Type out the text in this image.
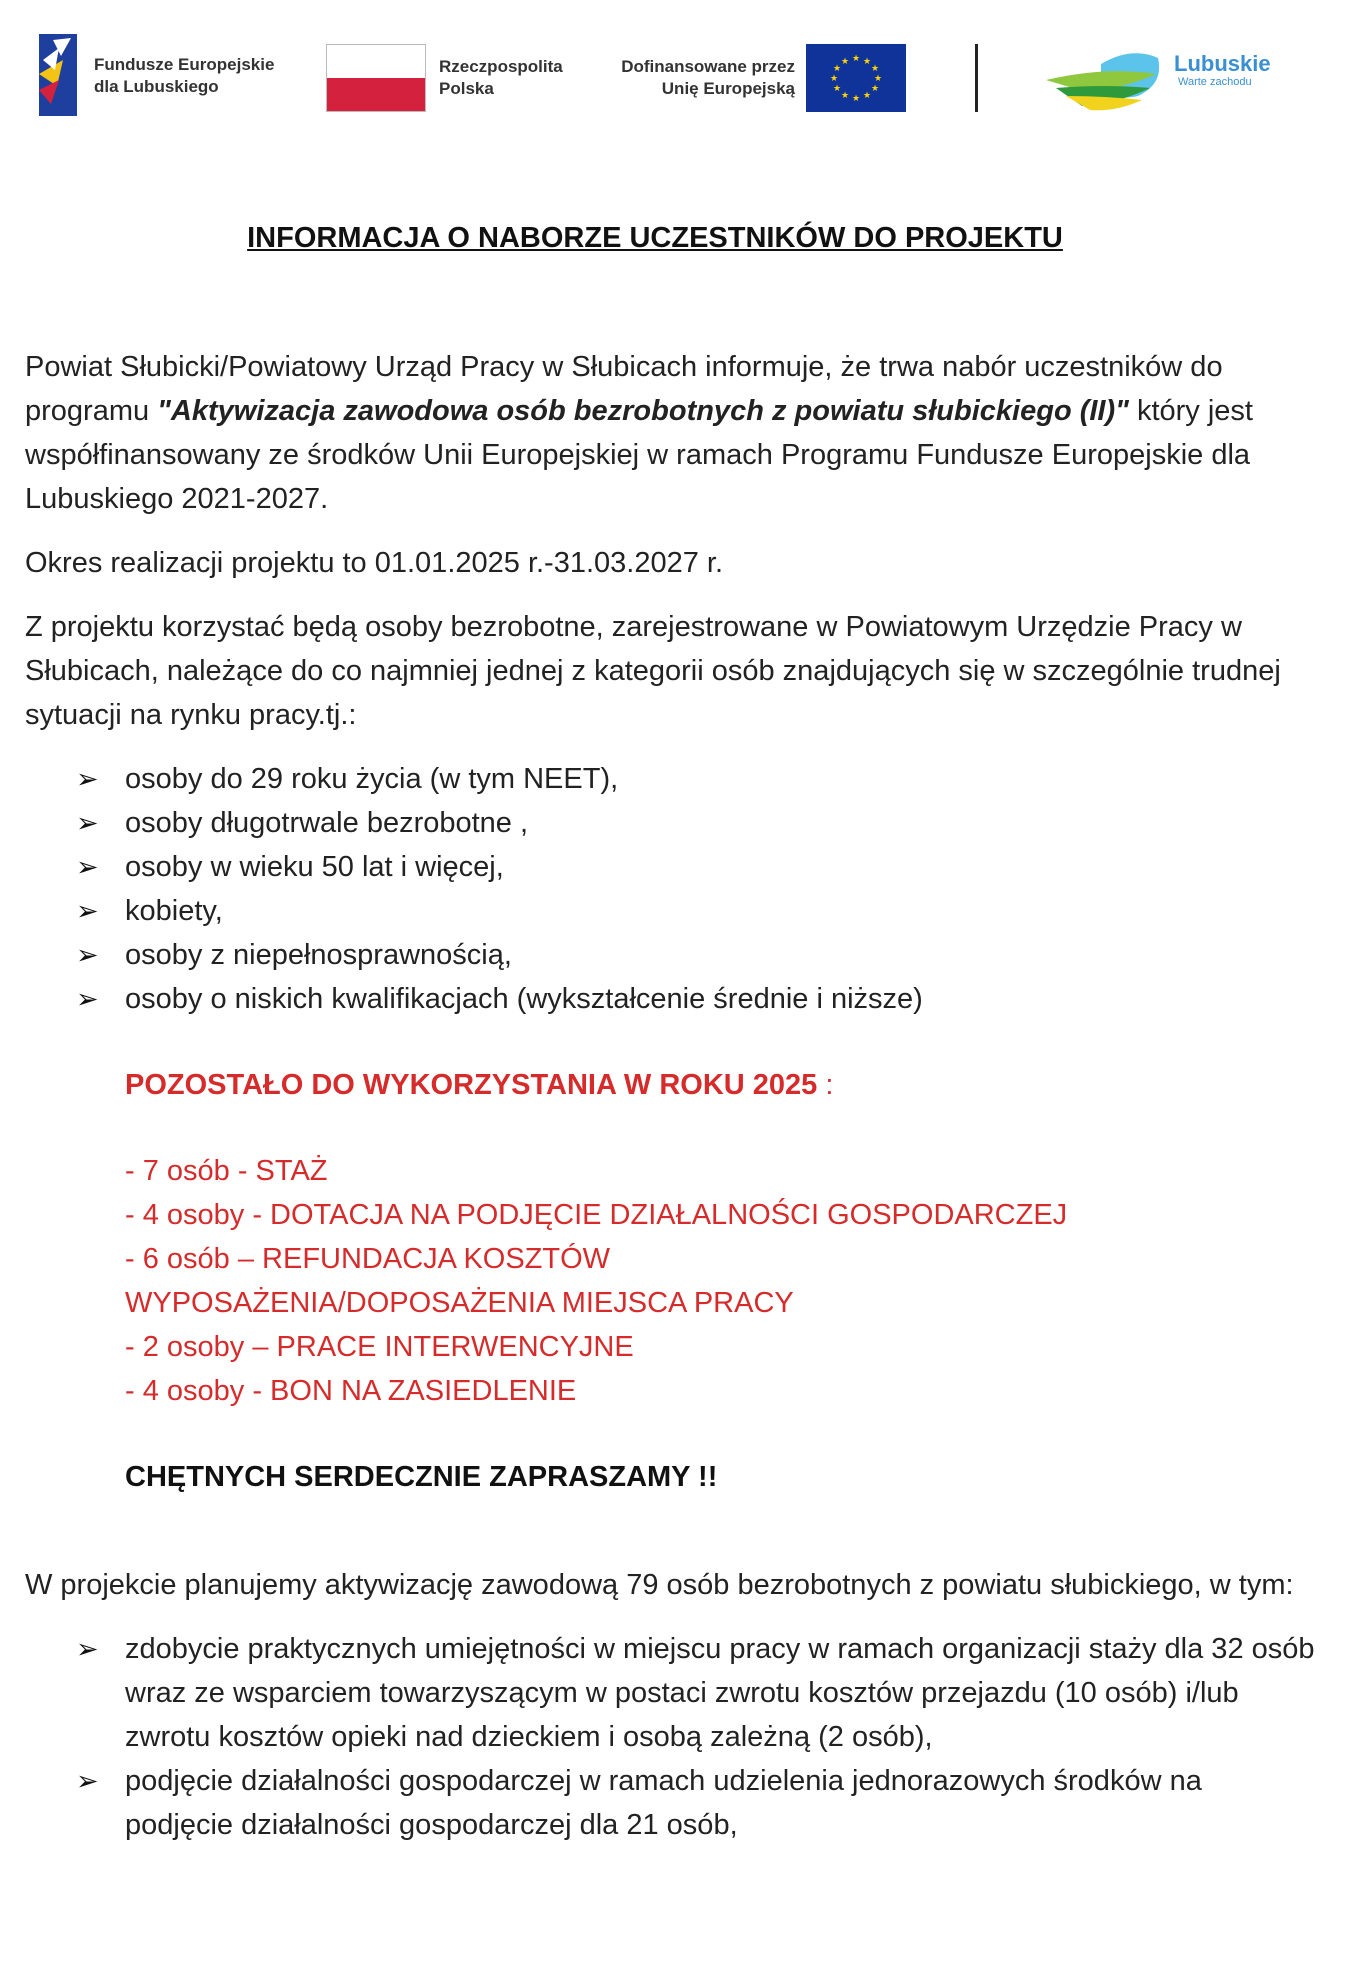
Fundusze Europejskie
dla Lubuskiego
Rzeczpospolita
Polska
Dofinansowane przez
Unię Europejską
★ ★
★
★
★
★
★
★
★
★
★
★	Lubuskie
Warte zachodu
INFORMACJA O NABORZE UCZESTNIKÓW DO PROJEKTU

Powiat Słubicki/Powiatowy Urząd Pracy w Słubicach informuje, że trwa nabór uczestników do programu "Aktywizacja zawodowa osób bezrobotnych z powiatu słubickiego (II)" który jest współfinansowany ze środków Unii Europejskiej w ramach Programu Fundusze Europejskie dla Lubuskiego 2021-2027.

Okres realizacji projektu to 01.01.2025 r.-31.03.2027 r.

Z projektu korzystać będą osoby bezrobotne, zarejestrowane w Powiatowym Urzędzie Pracy w Słubicach, należące do co najmniej jednej z kategorii osób znajdujących się w szczególnie trudnej sytuacji na rynku pracy.tj.:

➢ osoby do 29 roku życia (w tym NEET),
➢ osoby długotrwale bezrobotne ,
➢ osoby w wieku 50 lat i więcej,
➢ kobiety,
➢ osoby z niepełnosprawnością,
➢ osoby o niskich kwalifikacjach (wykształcenie średnie i niższe)
POZOSTAŁO DO WYKORZYSTANIA W ROKU 2025 :
- 7 osób - STAŻ
- 4 osoby - DOTACJA NA PODJĘCIE DZIAŁALNOŚCI GOSPODARCZEJ
- 6 osób – REFUNDACJA KOSZTÓW WYPOSAŻENIA/DOPOSAŻENIA MIEJSCA PRACY
- 2 osoby – PRACE INTERWENCYJNE
- 4 osoby - BON NA ZASIEDLENIE
CHĘTNYCH SERDECZNIE ZAPRASZAMY !!

W projekcie planujemy aktywizację zawodową 79 osób bezrobotnych z powiatu słubickiego, w tym:

➢ zdobycie praktycznych umiejętności w miejscu pracy w ramach organizacji staży dla 32 osób wraz ze wsparciem towarzyszącym w postaci zwrotu kosztów przejazdu (10 osób) i/lub zwrotu kosztów opieki nad dzieckiem i osobą zależną (2 osób),
➢ podjęcie działalności gospodarczej w ramach udzielenia jednorazowych środków na podjęcie działalności gospodarczej dla 21 osób,
